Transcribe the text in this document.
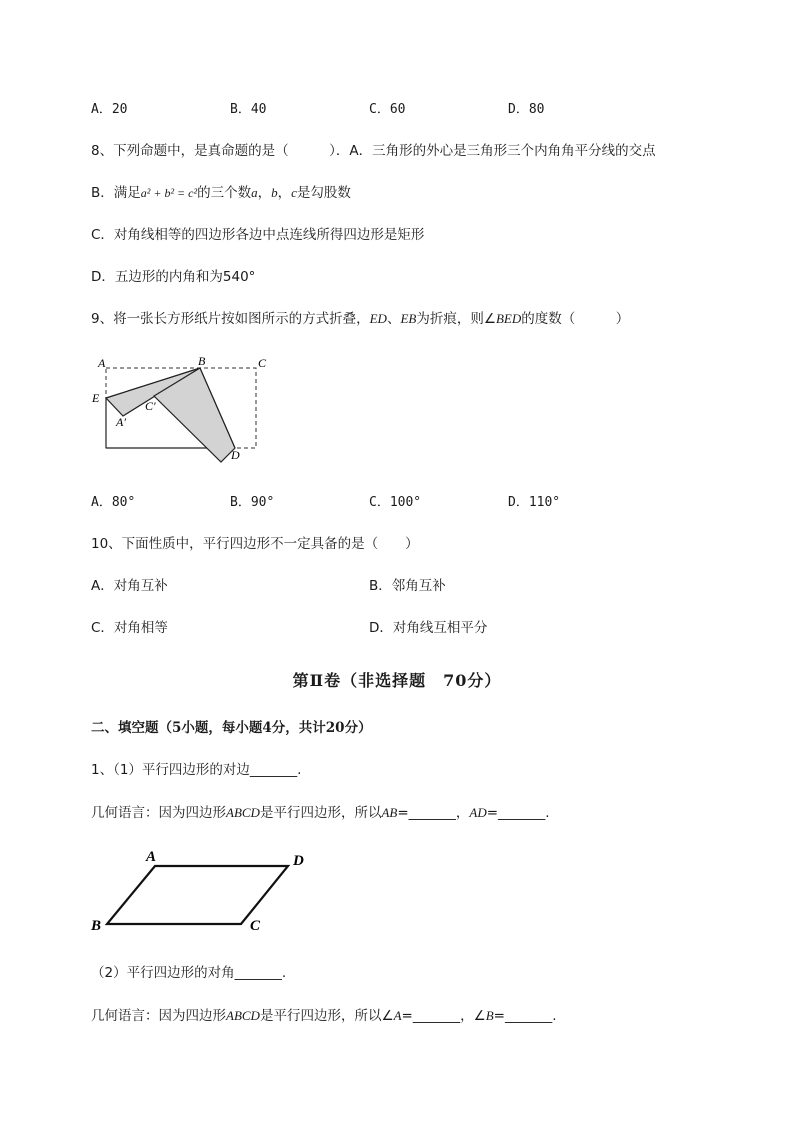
A．20	B．40	C．60	D．80
8、下列命题中，是真命题的是（　　　）．A．三角形的外心是三角形三个内角角平分线的交点
B．满足a² + b² = c²的三个数a，b，c是勾股数
C．对角线相等的四边形各边中点连线所得四边形是矩形
D．五边形的内角和为540°
9、将一张长方形纸片按如图所示的方式折叠，ED、EB为折痕，则∠BED的度数（　　　）
A	B	C
E
A′
C′
D
A．80°	B．90°	C．100°	D．110°
10、下面性质中，平行四边形不一定具备的是（　　）
A．对角互补	B．邻角互补
C．对角相等	D．对角线互相平分
第Ⅱ卷（非选择题　70分）
二、填空题（5小题，每小题4分，共计20分）
1、（1）平行四边形的对边_______.
几何语言：因为四边形ABCD是平行四边形，所以AB=_______，AD=_______.
A	D
B	C
（2）平行四边形的对角_______.
几何语言：因为四边形ABCD是平行四边形，所以∠A=_______，∠B=_______.
